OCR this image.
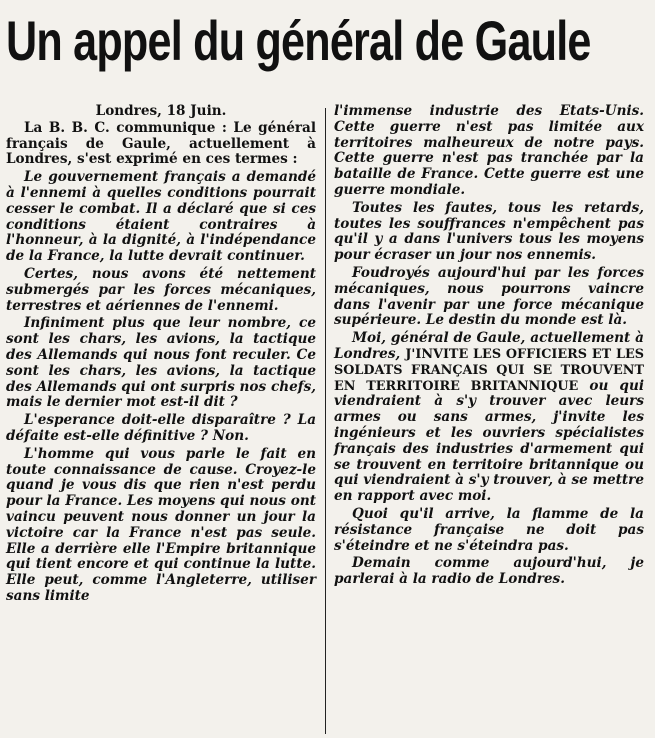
Un appel du général de Gaule
Londres, 18 Juin.

La B. B. C. communique : Le général français de Gaule, actuellement à Londres, s'est exprimé en ces termes :

Le gouvernement français a demandé à l'ennemi à quelles conditions pourrait cesser le combat. Il a déclaré que si ces conditions étaient contraires à l'honneur, à la dignité, à l'indépendance de la France, la lutte devrait continuer.

Certes, nous avons été nettement submergés par les forces mécaniques, terrestres et aériennes de l'ennemi.

Infiniment plus que leur nombre, ce sont les chars, les avions, la tactique des Allemands qui nous font reculer. Ce sont les chars, les avions, la tactique des Allemands qui ont surpris nos chefs, mais le dernier mot est-il dit ?

L'esperance doit-elle disparaître ? La défaite est-elle définitive ? Non.

L'homme qui vous parle le fait en toute connaissance de cause. Croyez-le quand je vous dis que rien n'est perdu pour la France. Les moyens qui nous ont vaincu peuvent nous donner un jour la victoire car la France n'est pas seule. Elle a derrière elle l'Empire britannique qui tient encore et qui continue la lutte. Elle peut, comme l'Angleterre, utiliser sans limite

l'immense industrie des Etats-Unis. Cette guerre n'est pas limitée aux territoires malheureux de notre pays. Cette guerre n'est pas tranchée par la bataille de France. Cette guerre est une guerre mondiale.

Toutes les fautes, tous les retards, toutes les souffrances n'empêchent pas qu'il y a dans l'univers tous les moyens pour écraser un jour nos ennemis.

Foudroyés aujourd'hui par les forces mécaniques, nous pourrons vaincre dans l'avenir par une force mécanique supérieure. Le destin du monde est là.

Moi, général de Gaule, actuellement à Londres, J'INVITE LES OFFICIERS ET LES SOLDATS FRANÇAIS QUI SE TROUVENT EN TERRITOIRE BRITANNIQUE ou qui viendraient à s'y trouver avec leurs armes ou sans armes, j'invite les ingénieurs et les ouvriers spécialistes français des industries d'armement qui se trouvent en territoire britannique ou qui viendraient à s'y trouver, à se mettre en rapport avec moi.

Quoi qu'il arrive, la flamme de la résistance française ne doit pas s'éteindre et ne s'éteindra pas.

Demain comme aujourd'hui, je parlerai à la radio de Londres.
